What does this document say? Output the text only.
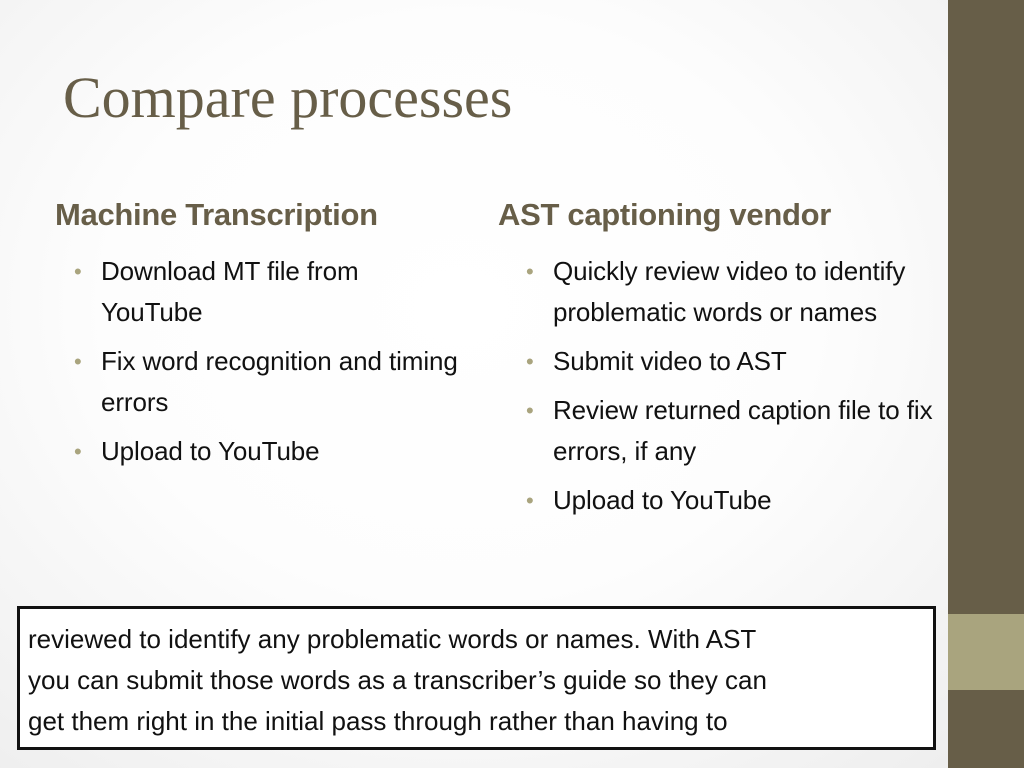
Compare processes
Machine Transcription
• Download MT file from YouTube
• Fix word recognition and timing errors
• Upload to YouTube
AST captioning vendor
• Quickly review video to identify problematic words or names
• Submit video to AST
• Review returned caption file to fix errors, if any
• Upload to YouTube
reviewed to identify any problematic words or names. With AST
you can submit those words as a transcriber’s guide so they can
get them right in the initial pass through rather than having to
